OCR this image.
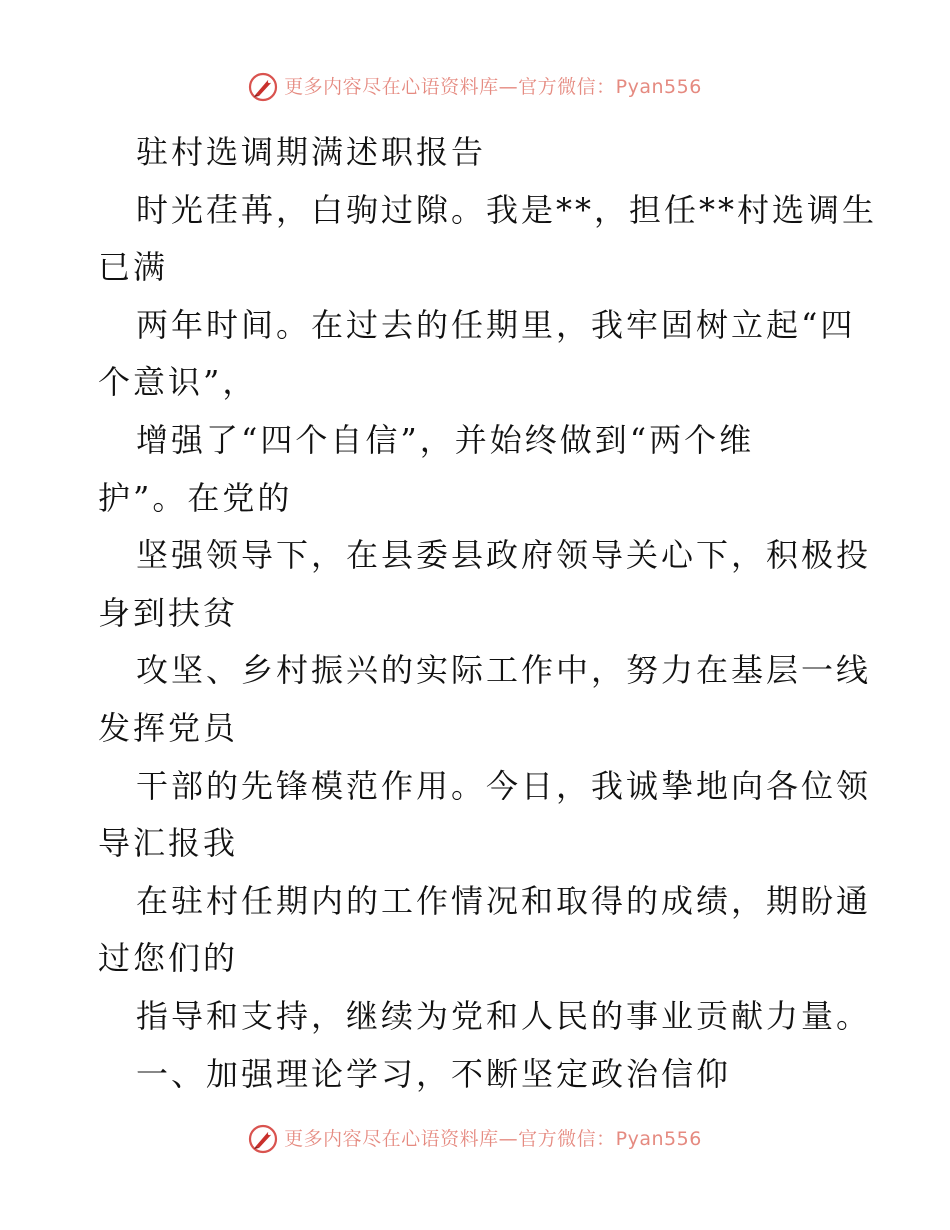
更多内容尽在心语资料库—官方微信：Pyan556
驻村选调期满述职报告
时光荏苒，白驹过隙。我是**，担任**村选调生
已满
两年时间。在过去的任期里，我牢固树立起“四
个意识”，
增强了“四个自信”，并始终做到“两个维
护”。在党的
坚强领导下，在县委县政府领导关心下，积极投
身到扶贫
攻坚、乡村振兴的实际工作中，努力在基层一线
发挥党员
干部的先锋模范作用。今日，我诚挚地向各位领
导汇报我
在驻村任期内的工作情况和取得的成绩，期盼通
过您们的
指导和支持，继续为党和人民的事业贡献力量。
一、加强理论学习，不断坚定政治信仰
更多内容尽在心语资料库—官方微信：Pyan556
